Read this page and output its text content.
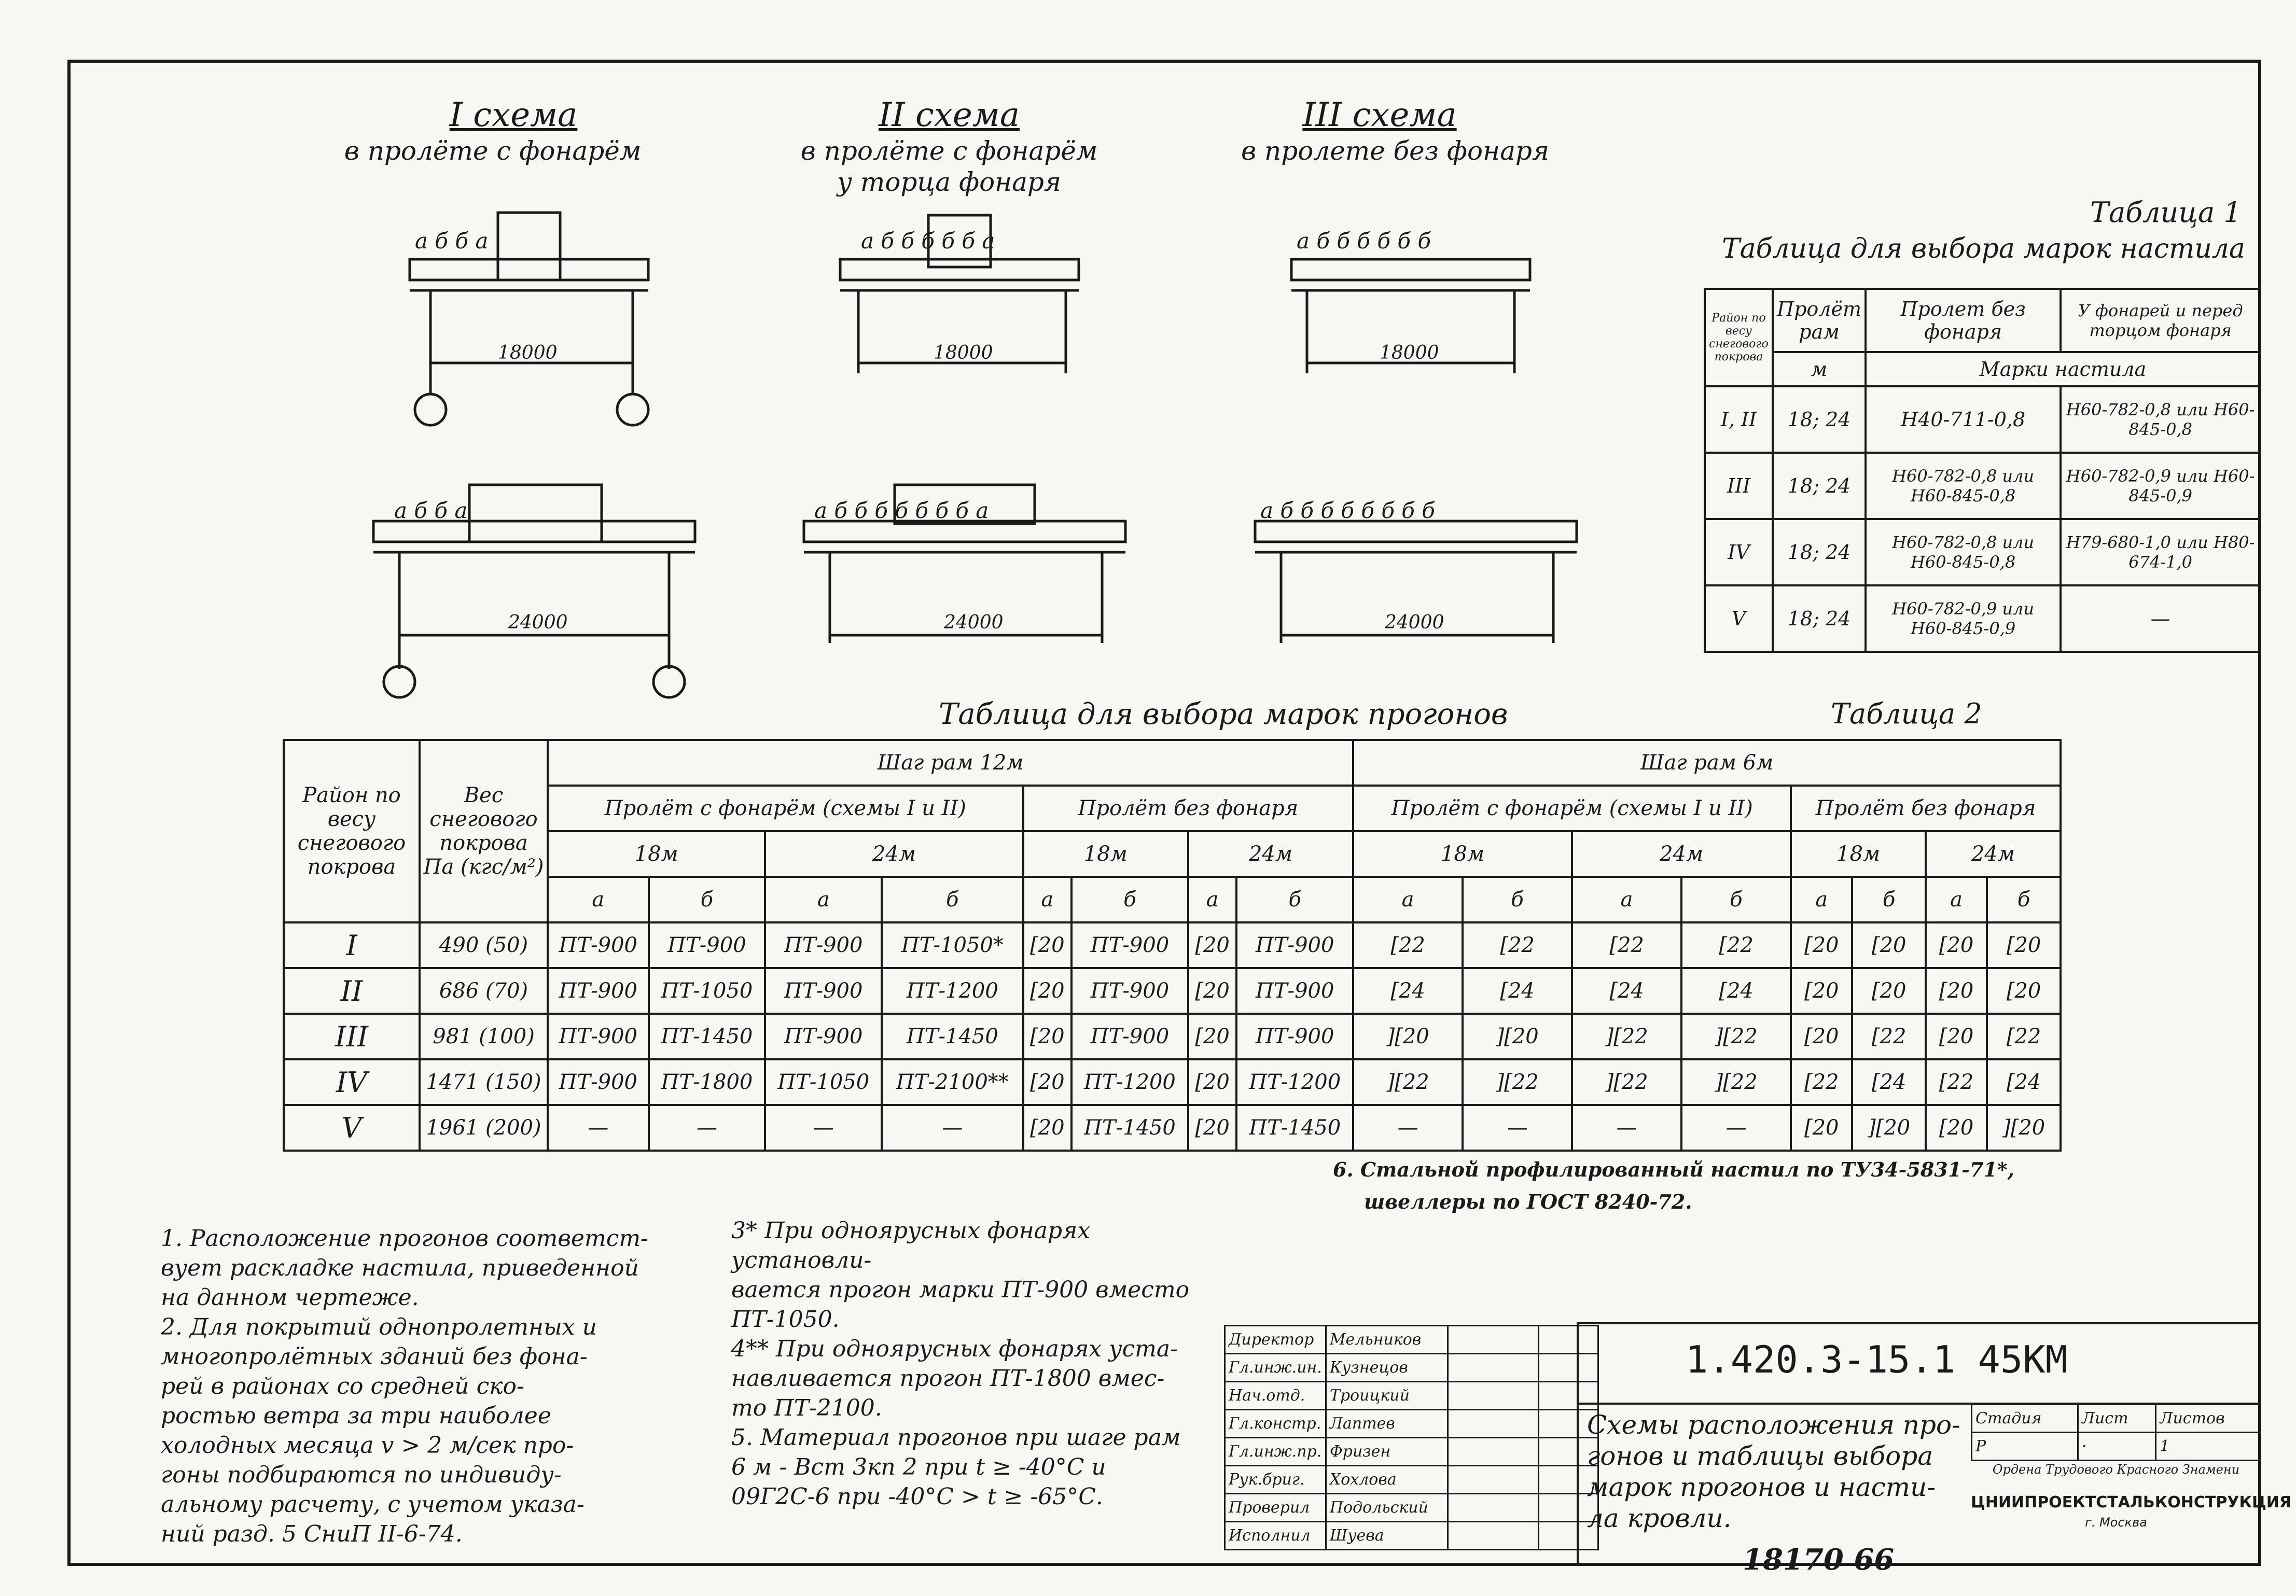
I схема
в пролёте с фонарём
II схема
в пролёте с фонарём
у торца фонаря
III схема
в пролете без фонаря
а б б а	а б б б б б а	а б б б б б б
а б б а	а б б б б б б б а	а б б б б б б б б
18000	18000	18000
24000	24000	24000
Таблица 1
Таблица для выбора марок настила
Район по весу снегового покрова	Пролёт рам	Пролет без фонаря	У фонарей и перед торцом фонаря
	м	Марки настила	
I, II	18; 24	Н40-711-0,8	Н60-782-0,8 или Н60-845-0,8
III	18; 24	Н60-782-0,8 или Н60-845-0,8	Н60-782-0,9 или Н60-845-0,9
IV	18; 24	Н60-782-0,8 или Н60-845-0,8	Н79-680-1,0 или Н80-674-1,0
V	18; 24	Н60-782-0,9 или Н60-845-0,9	—
Таблица для выбора марок прогонов	Таблица 2
Район по весу снегового покрова	Вес снегового покрова Па (кгс/м²)	Шаг рам 12м								Шаг рам 6м							
		Пролёт с фонарём (схемы I и II)				Пролёт без фонаря				Пролёт с фонарём (схемы I и II)				Пролёт без фонаря			
		18м		24м		18м		24м		18м		24м		18м		24м	
		а	б	а	б	а	б	а	б	а	б	а	б	а	б	а	б
I	490 (50)	ПТ-900	ПТ-900	ПТ-900	ПТ-1050*	[20	ПТ-900	[20	ПТ-900	[22	[22	[22	[22	[20	[20	[20	[20
II	686 (70)	ПТ-900	ПТ-1050	ПТ-900	ПТ-1200	[20	ПТ-900	[20	ПТ-900	[24	[24	[24	[24	[20	[20	[20	[20
III	981 (100)	ПТ-900	ПТ-1450	ПТ-900	ПТ-1450	[20	ПТ-900	[20	ПТ-900	][20	][20	][22	][22	[20	[22	[20	[22
IV	1471 (150)	ПТ-900	ПТ-1800	ПТ-1050	ПТ-2100**	[20	ПТ-1200	[20	ПТ-1200	][22	][22	][22	][22	[22	[24	[22	[24
V	1961 (200)	—	—	—	—	[20	ПТ-1450	[20	ПТ-1450	—	—	—	—	[20	][20	[20	][20
6. Стальной профилированный настил по ТУ34-5831-71*,
швеллеры по ГОСТ 8240-72.
1. Расположение прогонов соответст-
вует раскладке настила, приведенной
на данном чертеже.
2. Для покрытий однопролетных и
многопролётных зданий без фона-
рей в районах со средней ско-
ростью ветра за три наиболее
холодных месяца v > 2 м/сек про-
гоны подбираются по индивиду-
альному расчету, с учетом указа-
ний разд. 5 СниП II-6-74.
3* При одноярусных фонарях установли-
вается прогон марки ПТ-900 вместо
ПТ-1050.
4** При одноярусных фонарях уста-
навливается прогон ПТ-1800 вмес-
то ПТ-2100.
5. Материал прогонов при шаге рам
6 м - Вст 3кп 2 при t ≥ -40°С и
09Г2С-6 при -40°С > t ≥ -65°С.
Директор	Мельников		
Гл.инж.ин.	Кузнецов		
Нач.отд.	Троицкий		
Гл.констр.	Лаптев		
Гл.инж.пр.	Фризен		
Рук.бриг.	Хохлова		
Проверил	Подольский		
Исполнил	Шуева		
1.420.3-15.1 45КМ
Схемы расположения про-
гонов и таблицы выбора
марок прогонов и насти-
ла кровли.
Стадия	Лист	Листов
Р	·	1
Ордена Трудового Красного Знамени
ЦНИИПРОЕКТСТАЛЬКОНСТРУКЦИЯ
г. Москва
18170 66
